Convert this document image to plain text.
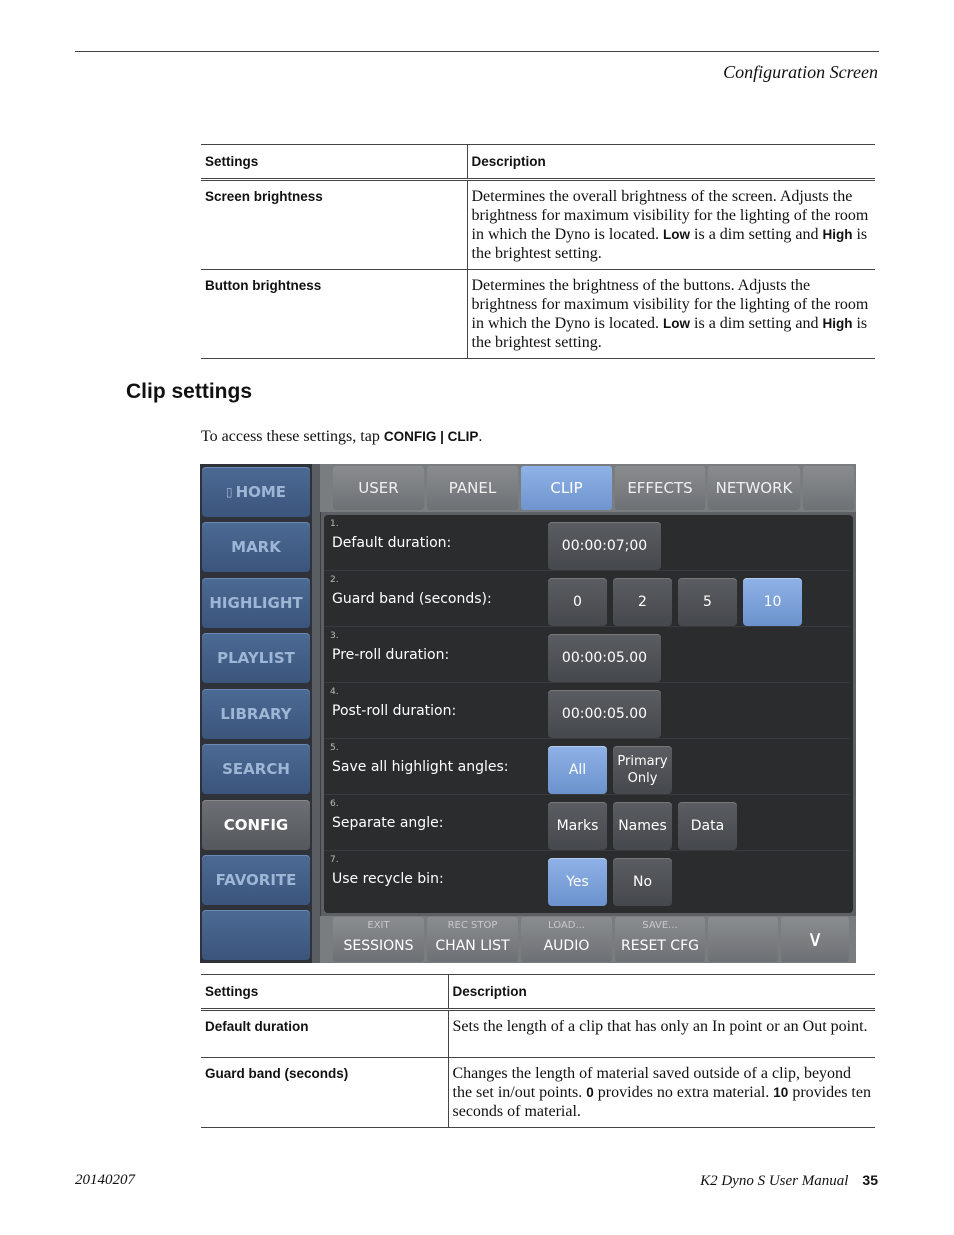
Configuration Screen
Settings	Description
Screen brightness	Determines the overall brightness of the screen. Adjusts the brightness for maximum visibility for the lighting of the room in which the Dyno is located. Low is a dim setting and High is the brightest setting.
Button brightness	Determines the brightness of the buttons. Adjusts the brightness for maximum visibility for the lighting of the room in which the Dyno is located. Low is a dim setting and High is the brightest setting.
Clip settings
To access these settings, tap CONFIG | CLIP.
▯ HOME
MARK
HIGHLIGHT
PLAYLIST
LIBRARY
SEARCH
CONFIG
FAVORITE
USER	PANEL	CLIP	EFFECTS	NETWORK
1.
Default duration:	00:00:07;00
2.
Guard band (seconds):	0	2	5	10
3.
Pre-roll duration:	00:00:05.00
4.
Post-roll duration:	00:00:05.00
5.
Save all highlight angles:	All	Primary Only
6.
Separate angle:	Marks	Names	Data
7.
Use recycle bin:	Yes	No
EXIT
SESSIONS
REC STOP
CHAN LIST
LOAD...
AUDIO
SAVE...
RESET CFG	∨
Settings	Description
Default duration	Sets the length of a clip that has only an In point or an Out point.
Guard band (seconds)	Changes the length of material saved outside of a clip, beyond the set in/out points. 0 provides no extra material. 10 provides ten seconds of material.
20140207	K2 Dyno S User Manual 35
